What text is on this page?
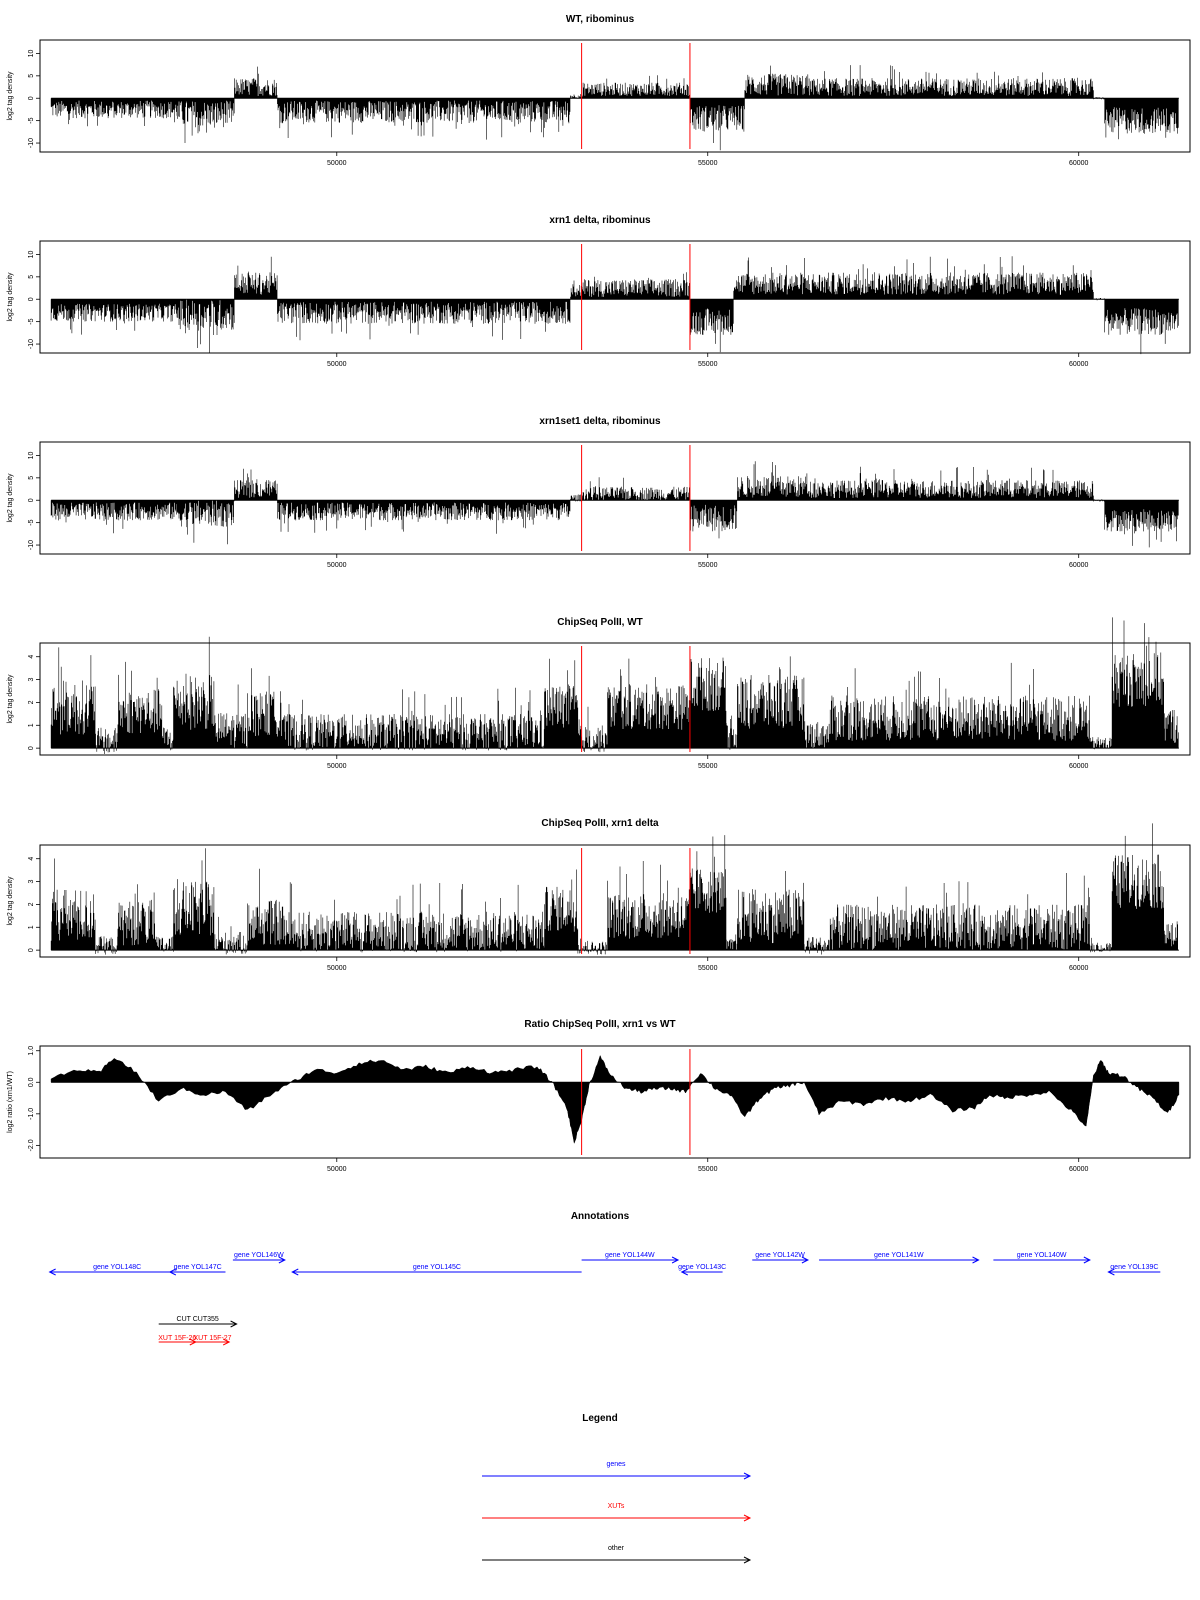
WT, ribominus
log2 tag density
-10
-5
0
5
10
50000	55000	60000
xrn1 delta, ribominus
log2 tag density
-10
-5
0
5
10
50000	55000	60000
xrn1set1 delta, ribominus
log2 tag density
-10
-5
0
5
10
50000	55000	60000
ChipSeq PolII, WT
log2 tag density
0
1
2
3
4
50000	55000	60000
ChipSeq PolII, xrn1 delta
log2 tag density
0
1
2
3
4
50000	55000	60000
Ratio ChipSeq PolII, xrn1 vs WT
log2 ratio (xrn1/WT)
-2.0
-1.0
0.0
1.0
50000	55000	60000
Annotations
gene YOL148C	gene YOL147C
gene YOL146W
gene YOL145C
gene YOL144W
gene YOL143C
gene YOL142W	gene YOL141W	gene YOL140W
gene YOL139C
CUT CUT355
XUT 15F-26
XUT 15F-27
Legend
genes
XUTs
other
